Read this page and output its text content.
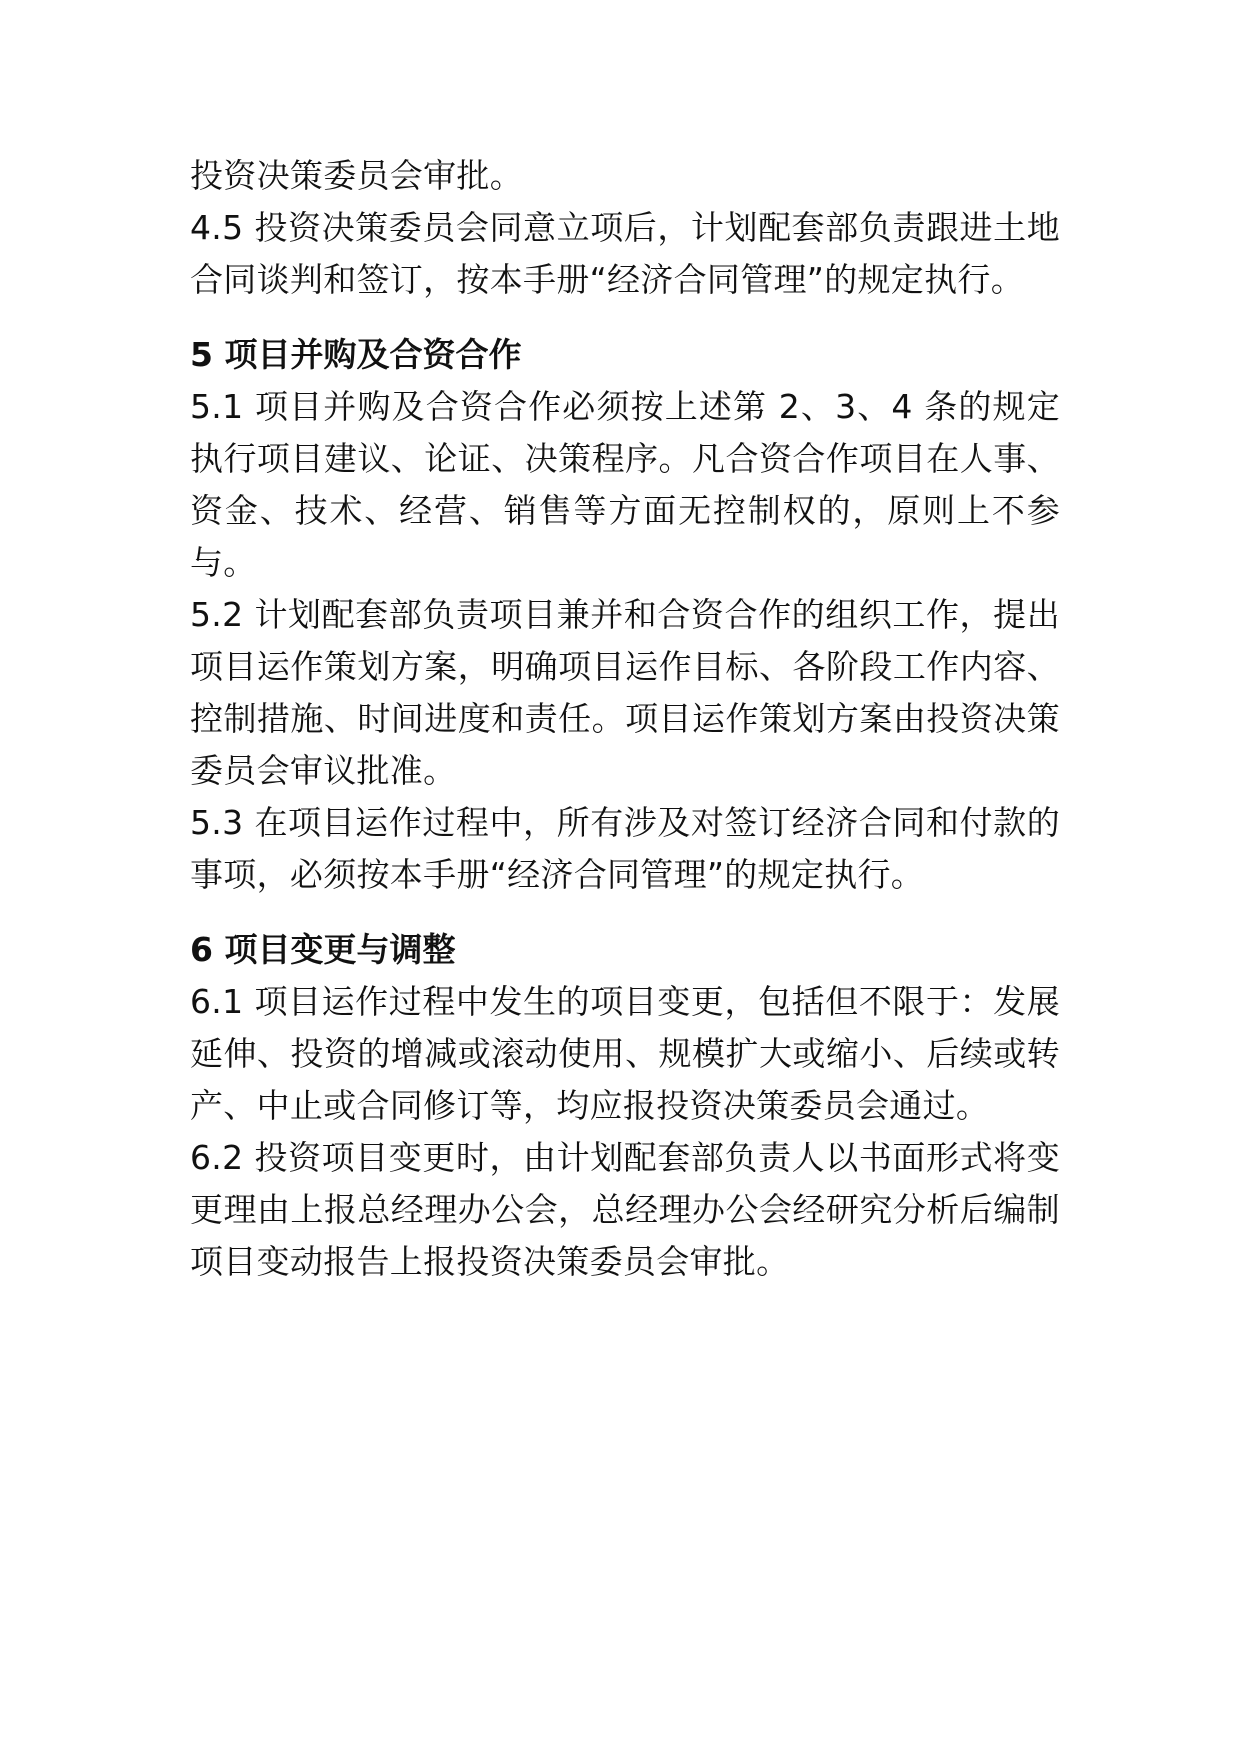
投资决策委员会审批。

4.5 投资决策委员会同意立项后，计划配套部负责跟进土地合同谈判和签订，按本手册“经济合同管理”的规定执行。

5 项目并购及合资合作

5.1 项目并购及合资合作必须按上述第 2、3、4 条的规定执行项目建议、论证、决策程序。凡合资合作项目在人事、资金、技术、经营、销售等方面无控制权的，原则上不参与。

5.2 计划配套部负责项目兼并和合资合作的组织工作，提出项目运作策划方案，明确项目运作目标、各阶段工作内容、控制措施、时间进度和责任。项目运作策划方案由投资决策委员会审议批准。

5.3 在项目运作过程中，所有涉及对签订经济合同和付款的事项，必须按本手册“经济合同管理”的规定执行。

6 项目变更与调整

6.1 项目运作过程中发生的项目变更，包括但不限于：发展延伸、投资的增减或滚动使用、规模扩大或缩小、后续或转产、中止或合同修订等，均应报投资决策委员会通过。

6.2 投资项目变更时，由计划配套部负责人以书面形式将变更理由上报总经理办公会，总经理办公会经研究分析后编制项目变动报告上报投资决策委员会审批。
